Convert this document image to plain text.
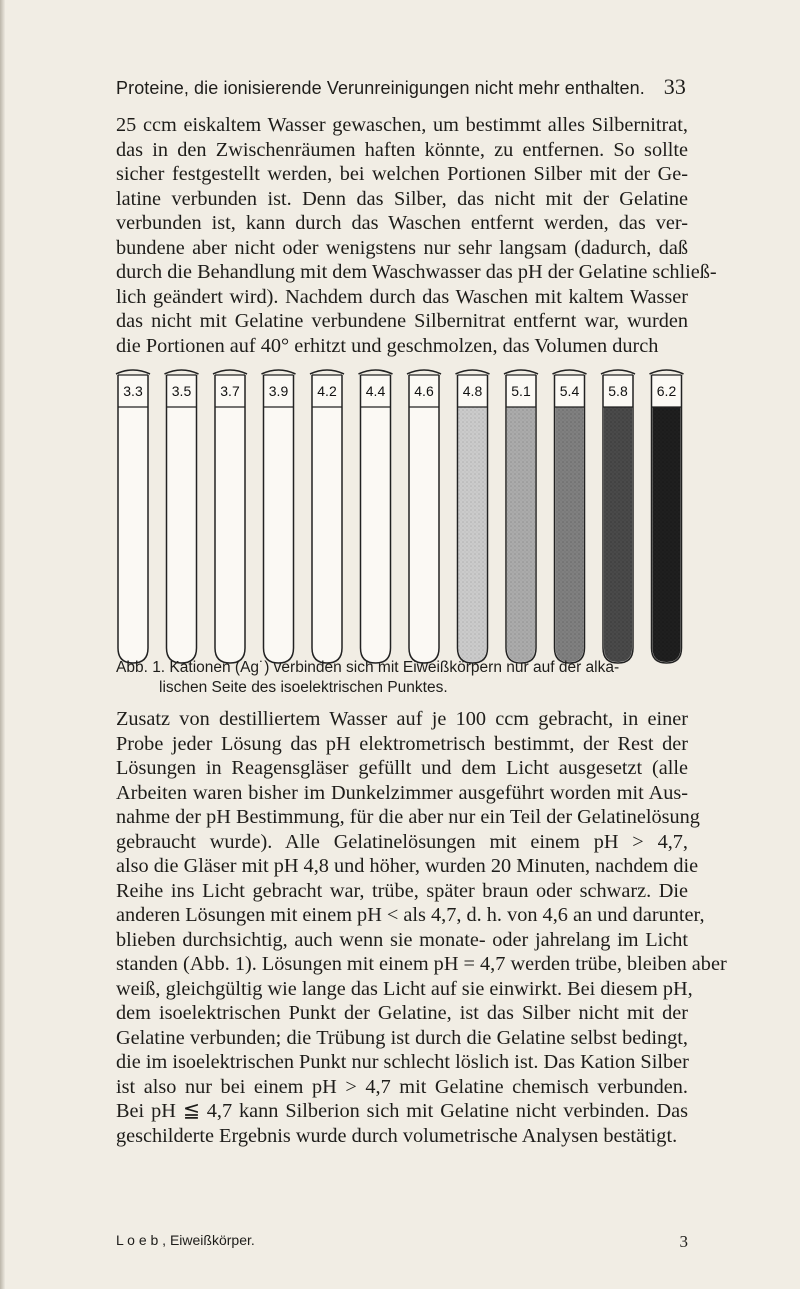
Proteine, die ionisierende Verunreinigungen nicht mehr enthalten. 33
25 ccm eiskaltem Wasser gewaschen, um bestimmt alles Silbernitrat,
das in den Zwischenräumen haften könnte, zu entfernen. So sollte
sicher festgestellt werden, bei welchen Portionen Silber mit der Ge-
latine verbunden ist. Denn das Silber, das nicht mit der Gelatine
verbunden ist, kann durch das Waschen entfernt werden, das ver-
bundene aber nicht oder wenigstens nur sehr langsam (dadurch, daß
durch die Behandlung mit dem Waschwasser das pH der Gelatine schließ-
lich geändert wird). Nachdem durch das Waschen mit kaltem Wasser
das nicht mit Gelatine verbundene Silbernitrat entfernt war, wurden
die Portionen auf 40° erhitzt und geschmolzen, das Volumen durch
3.3 3.5 3.7 3.9 4.2 4.4 4.6 4.8 5.1 5.4 5.8 6.2
Abb. 1. Kationen (Ag˙) verbinden sich mit Eiweißkörpern nur auf der alka-
lischen Seite des isoelektrischen Punktes.
Zusatz von destilliertem Wasser auf je 100 ccm gebracht, in einer
Probe jeder Lösung das pH elektrometrisch bestimmt, der Rest der
Lösungen in Reagensgläser gefüllt und dem Licht ausgesetzt (alle
Arbeiten waren bisher im Dunkelzimmer ausgeführt worden mit Aus-
nahme der pH Bestimmung, für die aber nur ein Teil der Gelatinelösung
gebraucht wurde). Alle Gelatinelösungen mit einem pH > 4,7,
also die Gläser mit pH 4,8 und höher, wurden 20 Minuten, nachdem die
Reihe ins Licht gebracht war, trübe, später braun oder schwarz. Die
anderen Lösungen mit einem pH < als 4,7, d. h. von 4,6 an und darunter,
blieben durchsichtig, auch wenn sie monate- oder jahrelang im Licht
standen (Abb. 1). Lösungen mit einem pH = 4,7 werden trübe, bleiben aber
weiß, gleichgültig wie lange das Licht auf sie einwirkt. Bei diesem pH,
dem isoelektrischen Punkt der Gelatine, ist das Silber nicht mit der
Gelatine verbunden; die Trübung ist durch die Gelatine selbst bedingt,
die im isoelektrischen Punkt nur schlecht löslich ist. Das Kation Silber
ist also nur bei einem pH > 4,7 mit Gelatine chemisch verbunden.
Bei pH ≦ 4,7 kann Silberion sich mit Gelatine nicht verbinden. Das
geschilderte Ergebnis wurde durch volumetrische Analysen bestätigt.
L o e b , Eiweißkörper.	3
